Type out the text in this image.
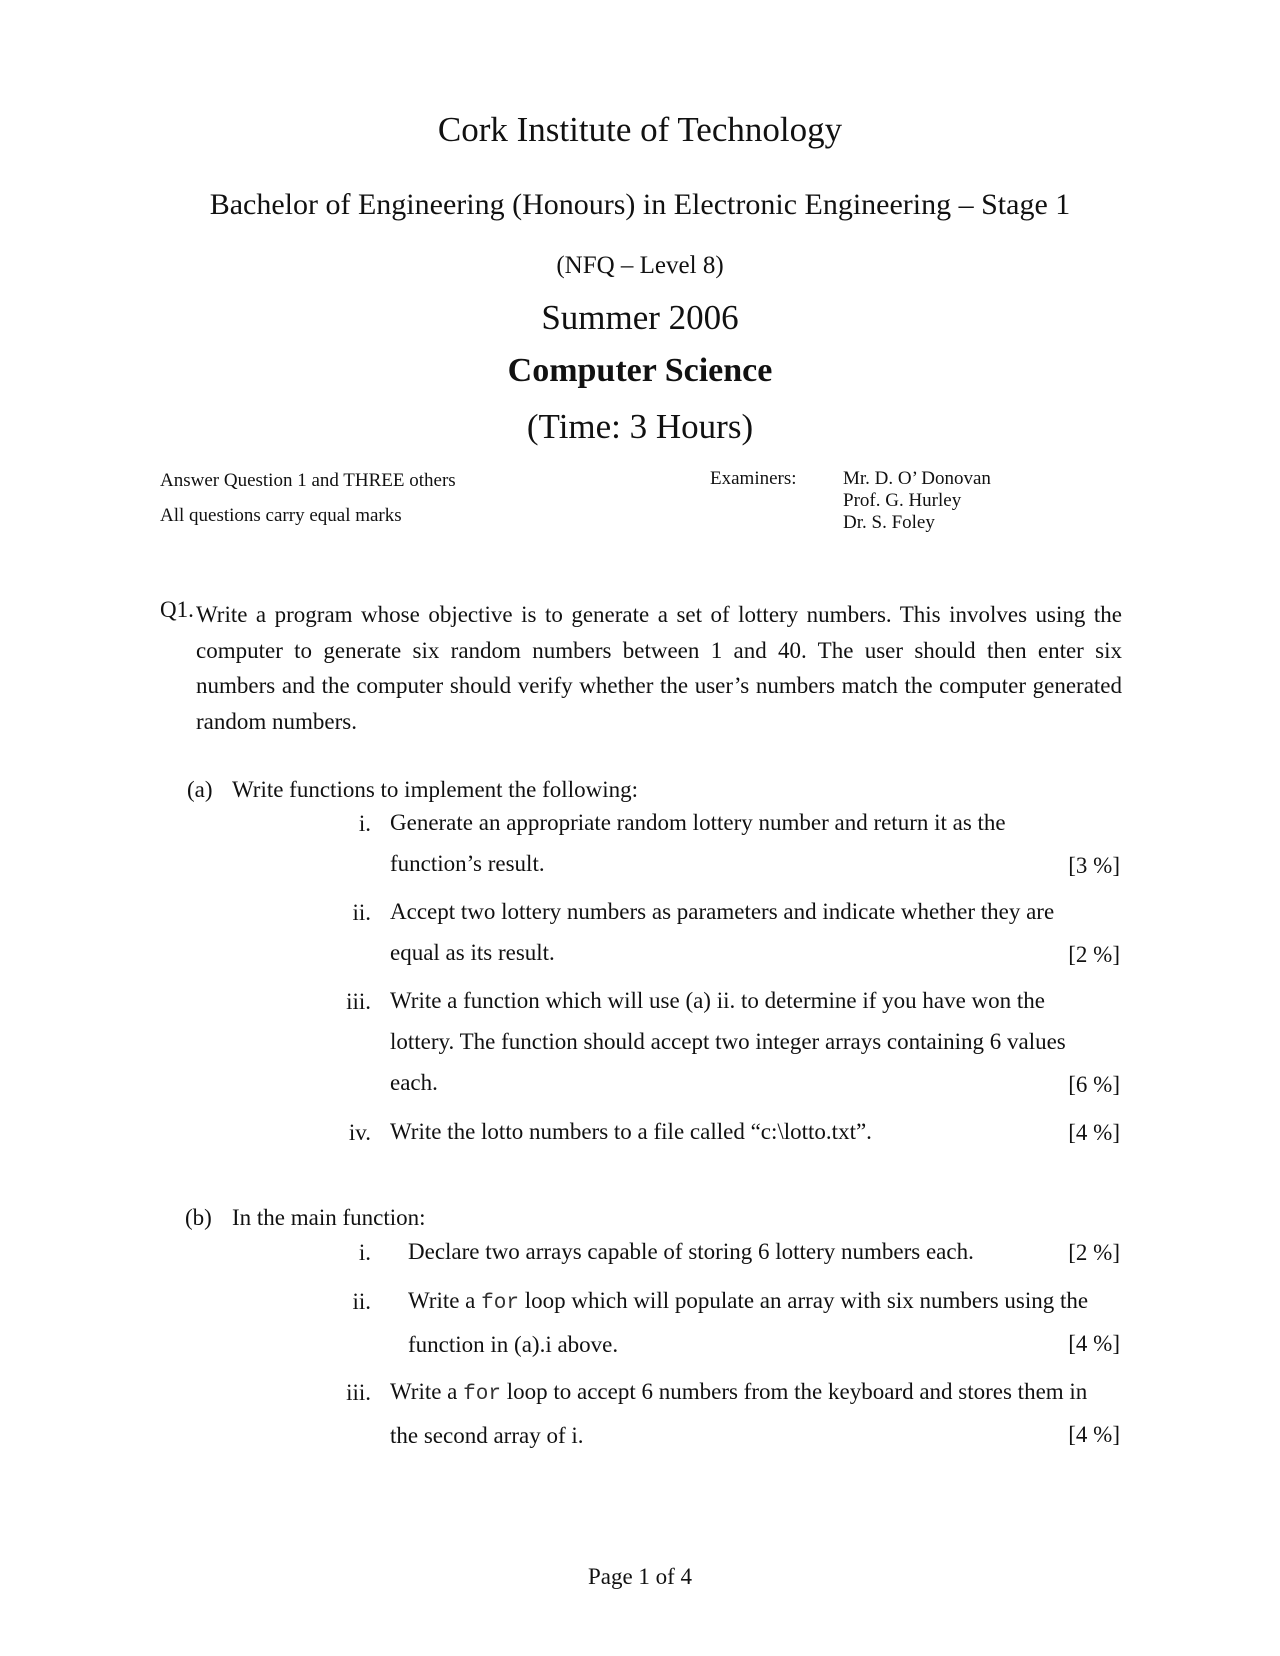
Cork Institute of Technology
Bachelor of Engineering (Honours) in Electronic Engineering – Stage 1
(NFQ – Level 8)
Summer 2006
Computer Science
(Time: 3 Hours)
Answer Question 1 and THREE others
All questions carry equal marks
Examiners: Mr. D. O’ Donovan
Prof. G. Hurley
Dr. S. Foley
Q1. Write a program whose objective is to generate a set of lottery numbers. This involves using the computer to generate six random numbers between 1 and 40. The user should then enter six numbers and the computer should verify whether the user’s numbers match the computer generated random numbers.
(a) Write functions to implement the following:
i. Generate an appropriate random lottery number and return it as the function’s result.	[3 %]
ii. Accept two lottery numbers as parameters and indicate whether they are equal as its result.	[2 %]
iii. Write a function which will use (a) ii. to determine if you have won the lottery. The function should accept two integer arrays containing 6 values each.	[6 %]
iv. Write the lotto numbers to a file called “c:\lotto.txt”.	[4 %]
(b) In the main function:
i. Declare two arrays capable of storing 6 lottery numbers each.	[2 %]
ii. Write a for loop which will populate an array with six numbers using the function in (a).i above.	[4 %]
iii. Write a for loop to accept 6 numbers from the keyboard and stores them in the second array of i.	[4 %]
Page 1 of 4
